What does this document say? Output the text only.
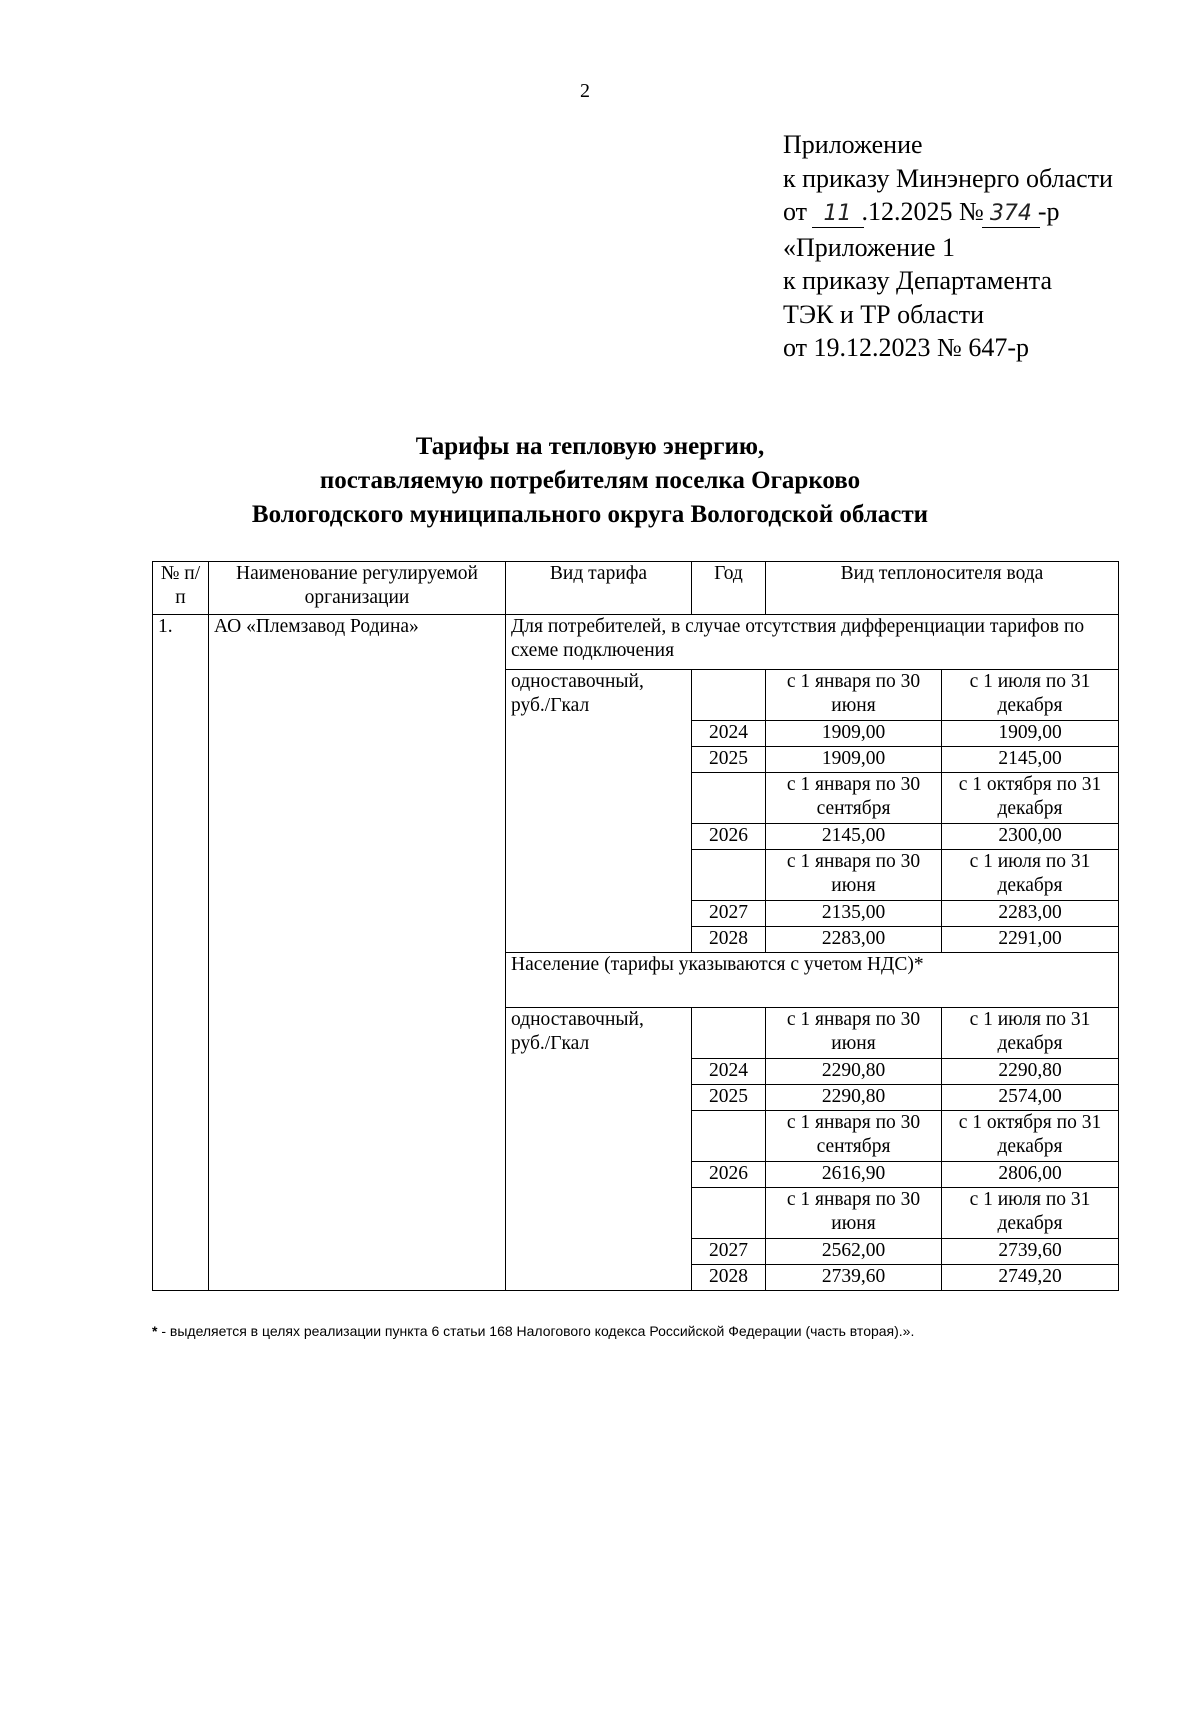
2
Приложение
к приказу Минэнерго области
от 11 .12.2025 № 374 -р
«Приложение 1
к приказу Департамента
ТЭК и ТР области
от 19.12.2023 № 647-р
Тарифы на тепловую энергию,
поставляемую потребителям поселка Огарково
Вологодского муниципального округа Вологодской области
№ п/п	Наименование регулируемой организации	Вид тарифа	Год	Вид теплоносителя вода	
1.	АО «Племзавод Родина»	Для потребителей, в случае отсутствия дифференциации тарифов по схеме подключения			
		одноставочный, руб./Гкал		с 1 января по 30 июня	с 1 июля по 31 декабря
			2024	1909,00	1909,00
			2025	1909,00	2145,00
				с 1 января по 30 сентября	с 1 октября по 31 декабря
			2026	2145,00	2300,00
				с 1 января по 30 июня	с 1 июля по 31 декабря
			2027	2135,00	2283,00
			2028	2283,00	2291,00
		Население (тарифы указываются с учетом НДС)*			
		одноставочный, руб./Гкал		с 1 января по 30 июня	с 1 июля по 31 декабря
			2024	2290,80	2290,80
			2025	2290,80	2574,00
				с 1 января по 30 сентября	с 1 октября по 31 декабря
			2026	2616,90	2806,00
				с 1 января по 30 июня	с 1 июля по 31 декабря
			2027	2562,00	2739,60
			2028	2739,60	2749,20
* - выделяется в целях реализации пункта 6 статьи 168 Налогового кодекса Российской Федерации (часть вторая).».
